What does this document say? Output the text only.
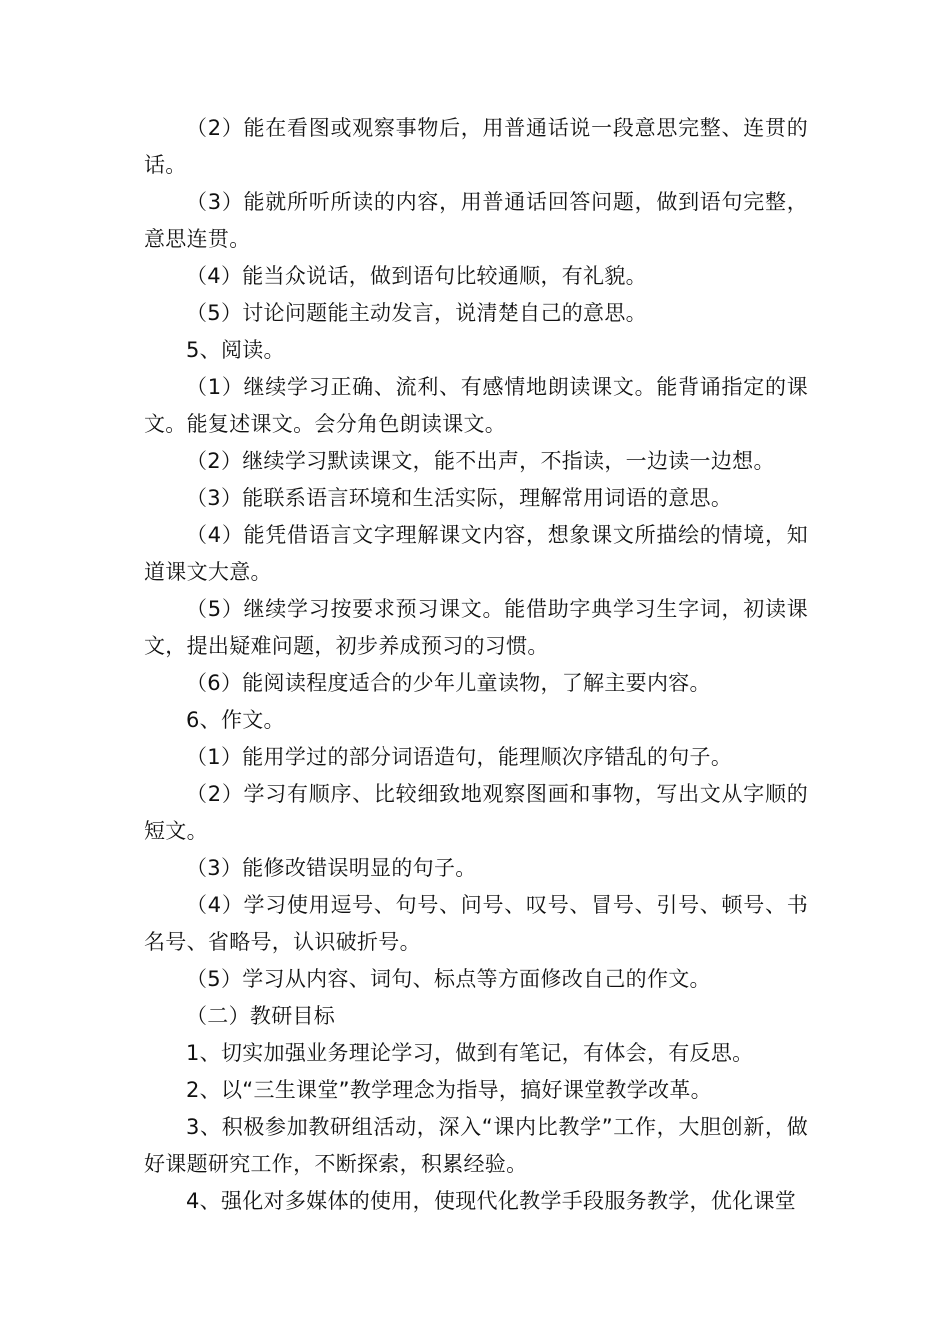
（2）能在看图或观察事物后，用普通话说一段意思完整、连贯的话。

（3）能就所听所读的内容，用普通话回答问题，做到语句完整，意思连贯。

（4）能当众说话，做到语句比较通顺，有礼貌。

（5）讨论问题能主动发言，说清楚自己的意思。

5、阅读。

（1）继续学习正确、流利、有感情地朗读课文。能背诵指定的课文。能复述课文。会分角色朗读课文。

（2）继续学习默读课文，能不出声，不指读，一边读一边想。

（3）能联系语言环境和生活实际，理解常用词语的意思。

（4）能凭借语言文字理解课文内容，想象课文所描绘的情境，知道课文大意。

（5）继续学习按要求预习课文。能借助字典学习生字词，初读课文，提出疑难问题，初步养成预习的习惯。

（6）能阅读程度适合的少年儿童读物，了解主要内容。

6、作文。

（1）能用学过的部分词语造句，能理顺次序错乱的句子。

（2）学习有顺序、比较细致地观察图画和事物，写出文从字顺的短文。

（3）能修改错误明显的句子。

（4）学习使用逗号、句号、问号、叹号、冒号、引号、顿号、书名号、省略号，认识破折号。

（5）学习从内容、词句、标点等方面修改自己的作文。

（二）教研目标

1、切实加强业务理论学习，做到有笔记，有体会，有反思。

2、以“三生课堂”教学理念为指导，搞好课堂教学改革。

3、积极参加教研组活动，深入“课内比教学”工作，大胆创新，做好课题研究工作，不断探索，积累经验。

4、强化对多媒体的使用，使现代化教学手段服务教学，优化课堂
